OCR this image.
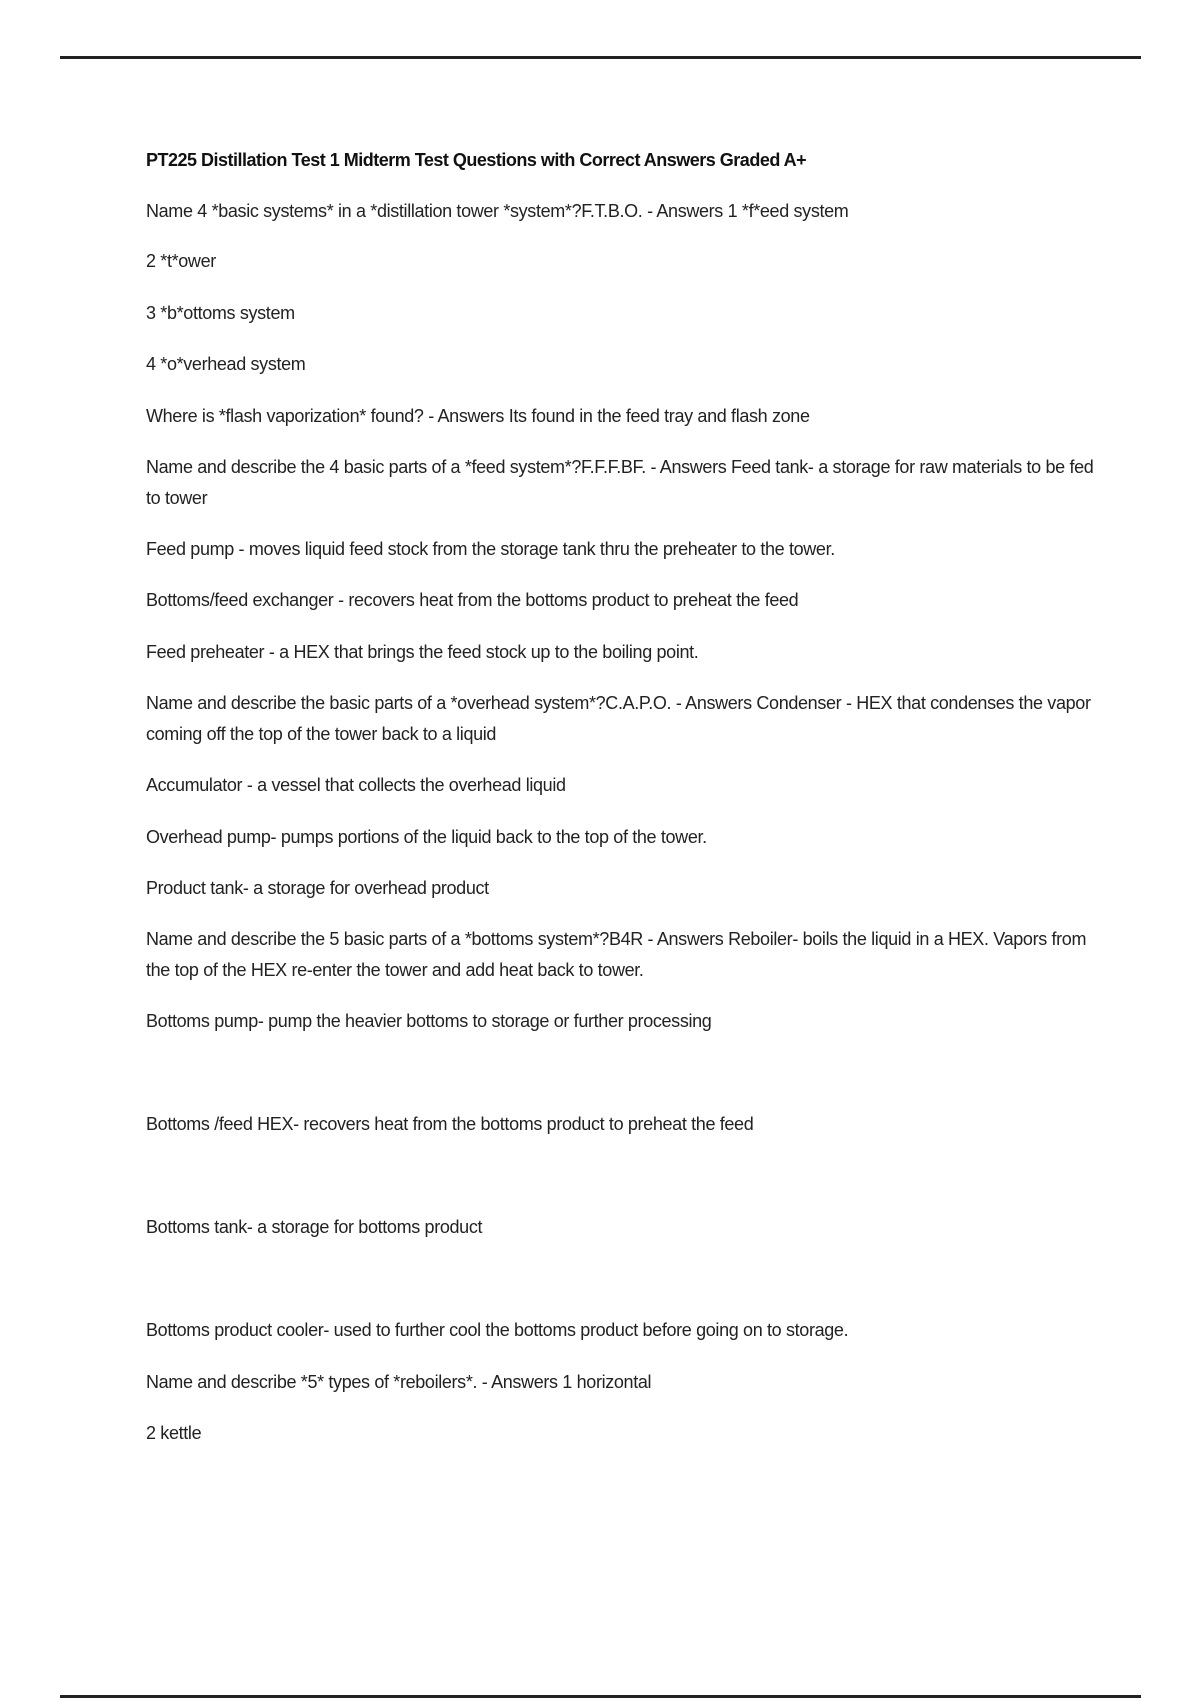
PT225 Distillation Test 1 Midterm Test Questions with Correct Answers Graded A+
Name 4 *basic systems* in a *distillation tower *system*?F.T.B.O. - Answers 1 *f*eed system
2 *t*ower
3 *b*ottoms system
4 *o*verhead system
Where is *flash vaporization* found? - Answers Its found in the feed tray and flash zone
Name and describe the 4 basic parts of a *feed system*?F.F.F.BF. - Answers Feed tank- a storage for raw materials to be fed to tower
Feed pump - moves liquid feed stock from the storage tank thru the preheater to the tower.
Bottoms/feed exchanger - recovers heat from the bottoms product to preheat the feed
Feed preheater - a HEX that brings the feed stock up to the boiling point.
Name and describe the basic parts of a *overhead system*?C.A.P.O. - Answers Condenser - HEX that condenses the vapor coming off the top of the tower back to a liquid
Accumulator - a vessel that collects the overhead liquid
Overhead pump- pumps portions of the liquid back to the top of the tower.
Product tank- a storage for overhead product
Name and describe the 5 basic parts of a *bottoms system*?B4R - Answers Reboiler- boils the liquid in a HEX. Vapors from the top of the HEX re-enter the tower and add heat back to tower.
Bottoms pump- pump the heavier bottoms to storage or further processing
Bottoms /feed HEX- recovers heat from the bottoms product to preheat the feed
Bottoms tank- a storage for bottoms product
Bottoms product cooler- used to further cool the bottoms product before going on to storage.
Name and describe *5* types of *reboilers*. - Answers 1 horizontal
2 kettle
